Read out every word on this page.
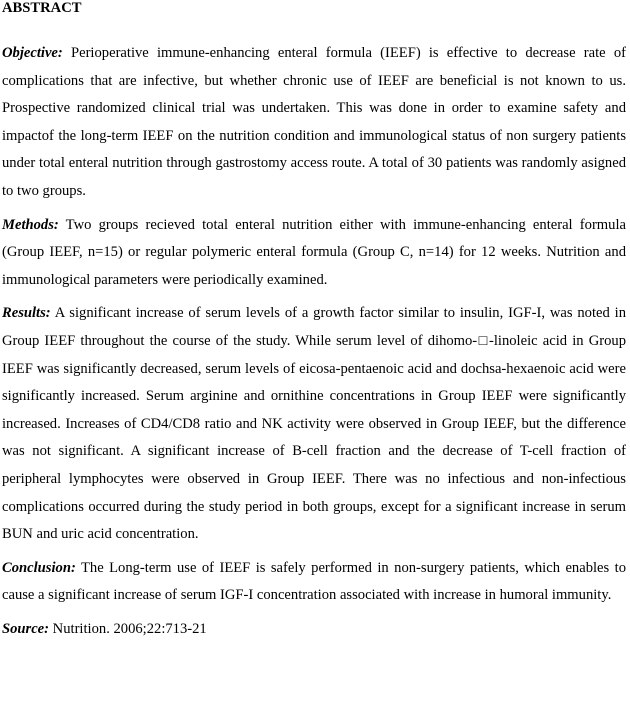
ABSTRACT

Objective: Perioperative immune-enhancing enteral formula (IEEF) is effective to decrease rate of complications that are infective, but whether chronic use of IEEF are beneficial is not known to us. Prospective randomized clinical trial was undertaken. This was done in order to examine safety and impactof the long-term IEEF on the nutrition condition and immunological status of non surgery patients under total enteral nutrition through gastrostomy access route. A total of 30 patients was randomly asigned to two groups.

Methods: Two groups recieved total enteral nutrition either with immune-enhancing enteral formula (Group IEEF, n=15) or regular polymeric enteral formula (Group C, n=14) for 12 weeks. Nutrition and immunological parameters were periodically examined.

Results: A significant increase of serum levels of a growth factor similar to insulin, IGF-I, was noted in Group IEEF throughout the course of the study. While serum level of dihomo-□-linoleic acid in Group IEEF was significantly decreased, serum levels of eicosa-pentaenoic acid and dochsa-hexaenoic acid were significantly increased. Serum arginine and ornithine concentrations in Group IEEF were significantly increased. Increases of CD4/CD8 ratio and NK activity were observed in Group IEEF, but the difference was not significant. A significant increase of B-cell fraction and the decrease of T-cell fraction of peripheral lymphocytes were observed in Group IEEF. There was no infectious and non-infectious complications occurred during the study period in both groups, except for a significant increase in serum BUN and uric acid concentration.

Conclusion: The Long-term use of IEEF is safely performed in non-surgery patients, which enables to cause a significant increase of serum IGF-I concentration associated with increase in humoral immunity.

Source: Nutrition. 2006;22:713-21
